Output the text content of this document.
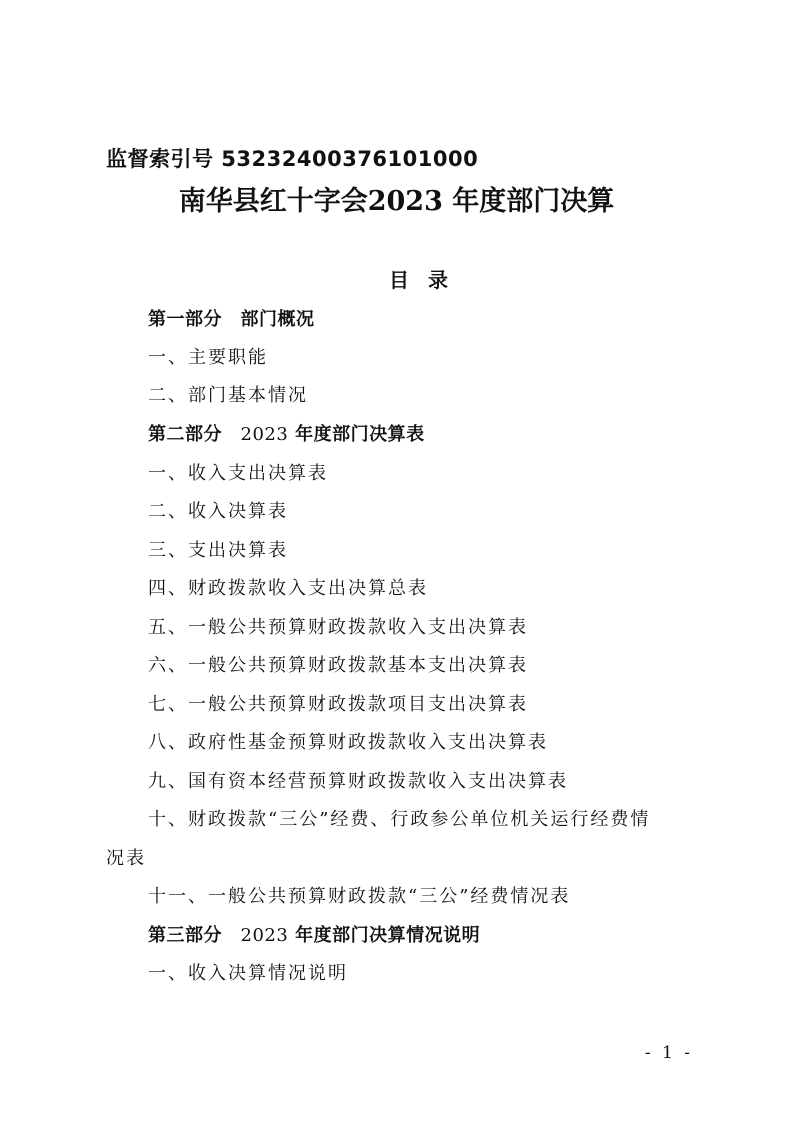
监督索引号 53232400376101000
南华县红十字会2023 年度部门决算
目 录
第一部分　部门概况
一、主要职能
二、部门基本情况
第二部分　2023 年度部门决算表
一、收入支出决算表
二、收入决算表
三、支出决算表
四、财政拨款收入支出决算总表
五、一般公共预算财政拨款收入支出决算表
六、一般公共预算财政拨款基本支出决算表
七、一般公共预算财政拨款项目支出决算表
八、政府性基金预算财政拨款收入支出决算表
九、国有资本经营预算财政拨款收入支出决算表
十、财政拨款“三公”经费、行政参公单位机关运行经费情
况表
十一、一般公共预算财政拨款“三公”经费情况表
第三部分　2023 年度部门决算情况说明
一、收入决算情况说明
- 1 -
